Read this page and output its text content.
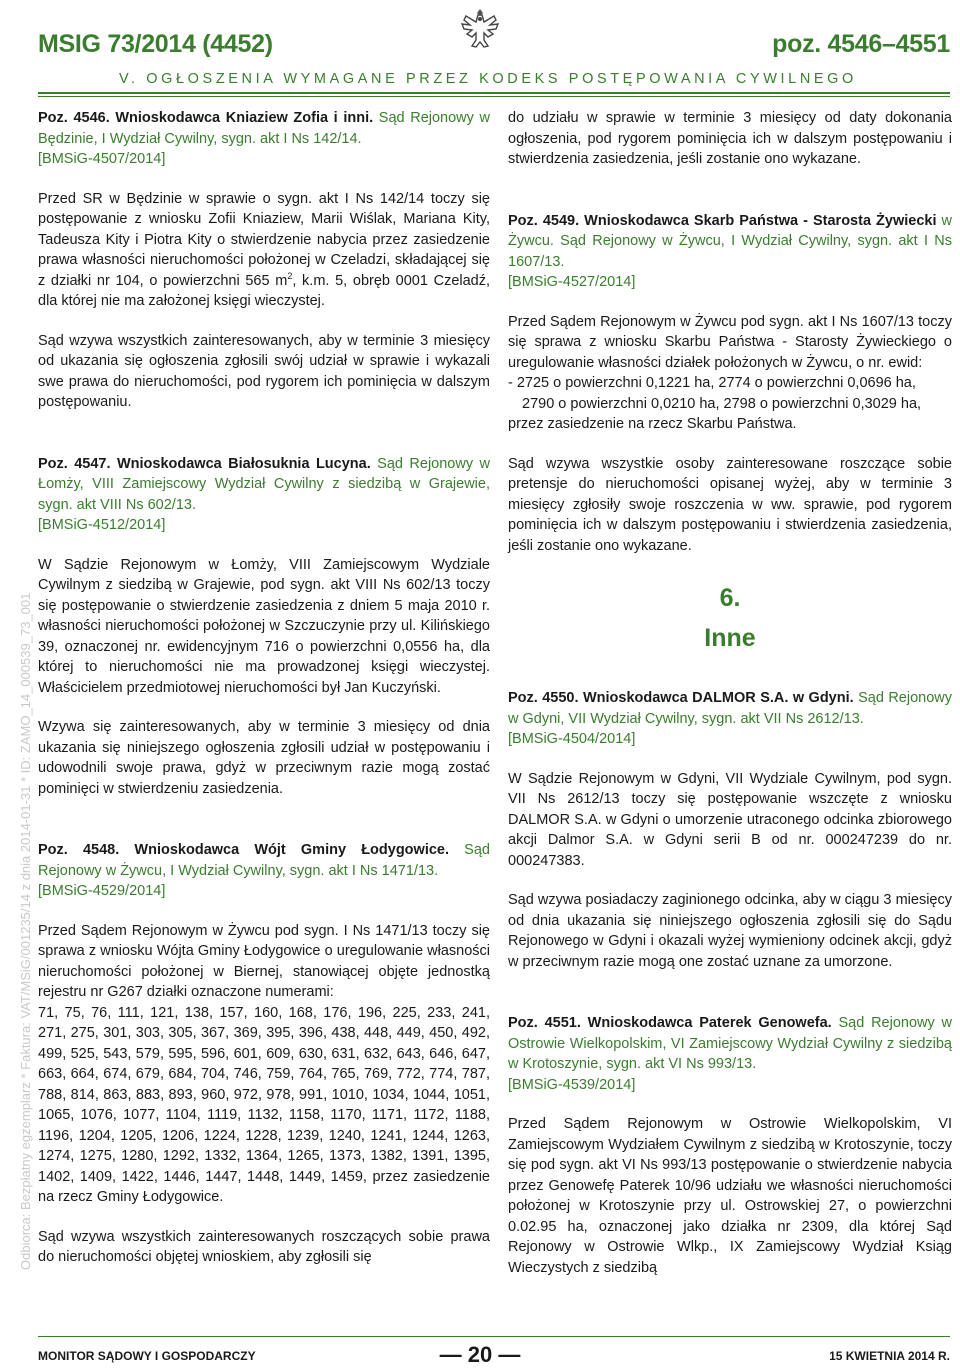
MSIG 73/2014 (4452)	poz. 4546–4551
V. OGŁOSZENIA WYMAGANE PRZEZ KODEKS POSTĘPOWANIA CYWILNEGO
Odbiorca: Bezpłatny egzemplarz * Faktura: VAT/MSiG/001235/14 z dnia 2014-01-31 * ID: ZAMO_14_000539_73_001

Poz. 4546. Wnioskodawca Kniaziew Zofia i inni. Sąd Rejonowy w Będzinie, I Wydział Cywilny, sygn. akt I Ns 142/14.

[BMSiG-4507/2014]

Przed SR w Będzinie w sprawie o sygn. akt I Ns 142/14 toczy się postępowanie z wniosku Zofii Kniaziew, Marii Wiślak, Mariana Kity, Tadeusza Kity i Piotra Kity o stwierdzenie nabycia przez zasiedzenie prawa własności nieruchomości położonej w Czeladzi, składającej się z działki nr 104, o powierzchni 565 $m^2$, k.m. 5, obręb 0001 Czeladź, dla której nie ma założonej księgi wieczystej.

Sąd wzywa wszystkich zainteresowanych, aby w terminie 3 miesięcy od ukazania się ogłoszenia zgłosili swój udział w sprawie i wykazali swe prawa do nieruchomości, pod rygorem ich pominięcia w dalszym postępowaniu.

Poz. 4547. Wnioskodawca Białosuknia Lucyna. Sąd Rejonowy w Łomży, VIII Zamiejscowy Wydział Cywilny z siedzibą w Grajewie, sygn. akt VIII Ns 602/13.

[BMSiG-4512/2014]

W Sądzie Rejonowym w Łomży, VIII Zamiejscowym Wydziale Cywilnym z siedzibą w Grajewie, pod sygn. akt VIII Ns 602/13 toczy się postępowanie o stwierdzenie zasiedzenia z dniem 5 maja 2010 r. własności nieruchomości położonej w Szczuczynie przy ul. Kilińskiego 39, oznaczonej nr. ewidencyjnym 716 o powierzchni 0,0556 ha, dla której to nieruchomości nie ma prowadzonej księgi wieczystej. Właścicielem przedmiotowej nieruchomości był Jan Kuczyński.

Wzywa się zainteresowanych, aby w terminie 3 miesięcy od dnia ukazania się niniejszego ogłoszenia zgłosili udział w postępowaniu i udowodnili swoje prawa, gdyż w przeciwnym razie mogą zostać pominięci w stwierdzeniu zasiedzenia.

Poz. 4548. Wnioskodawca Wójt Gminy Łodygowice. Sąd Rejonowy w Żywcu, I Wydział Cywilny, sygn. akt I Ns 1471/13.

[BMSiG-4529/2014]

Przed Sądem Rejonowym w Żywcu pod sygn. I Ns 1471/13 toczy się sprawa z wniosku Wójta Gminy Łodygowice o uregulowanie własności nieruchomości położonej w Biernej, stanowiącej objęte jednostką rejestru nr G267 działki oznaczone numerami:

71, 75, 76, 111, 121, 138, 157, 160, 168, 176, 196, 225, 233, 241, 271, 275, 301, 303, 305, 367, 369, 395, 396, 438, 448, 449, 450, 492, 499, 525, 543, 579, 595, 596, 601, 609, 630, 631, 632, 643, 646, 647, 663, 664, 674, 679, 684, 704, 746, 759, 764, 765, 769, 772, 774, 787, 788, 814, 863, 883, 893, 960, 972, 978, 991, 1010, 1034, 1044, 1051, 1065, 1076, 1077, 1104, 1119, 1132, 1158, 1170, 1171, 1172, 1188, 1196, 1204, 1205, 1206, 1224, 1228, 1239, 1240, 1241, 1244, 1263, 1274, 1275, 1280, 1292, 1332, 1364, 1265, 1373, 1382, 1391, 1395, 1402, 1409, 1422, 1446, 1447, 1448, 1449, 1459, przez zasiedzenie na rzecz Gminy Łodygowice.

Sąd wzywa wszystkich zainteresowanych roszczących sobie prawa do nieruchomości objętej wnioskiem, aby zgłosili się

do udziału w sprawie w terminie 3 miesięcy od daty dokonania ogłoszenia, pod rygorem pominięcia ich w dalszym postępowaniu i stwierdzenia zasiedzenia, jeśli zostanie ono wykazane.

Poz. 4549. Wnioskodawca Skarb Państwa - Starosta Żywiecki w Żywcu. Sąd Rejonowy w Żywcu, I Wydział Cywilny, sygn. akt I Ns 1607/13.

[BMSiG-4527/2014]

Przed Sądem Rejonowym w Żywcu pod sygn. akt I Ns 1607/13 toczy się sprawa z wniosku Skarbu Państwa - Starosty Żywieckiego o uregulowanie własności działek położonych w Żywcu, o nr. ewid:

- 2725 o powierzchni 0,1221 ha, 2774 o powierzchni 0,0696 ha,
2790 o powierzchni 0,0210 ha, 2798 o powierzchni 0,3029 ha,

przez zasiedzenie na rzecz Skarbu Państwa.

Sąd wzywa wszystkie osoby zainteresowane roszczące sobie pretensje do nieruchomości opisanej wyżej, aby w terminie 3 miesięcy zgłosiły swoje roszczenia w ww. sprawie, pod rygorem pominięcia ich w dalszym postępowaniu i stwierdzenia zasiedzenia, jeśli zostanie ono wykazane.

6.
Inne

Poz. 4550. Wnioskodawca DALMOR S.A. w Gdyni. Sąd Rejonowy w Gdyni, VII Wydział Cywilny, sygn. akt VII Ns 2612/13.

[BMSiG-4504/2014]

W Sądzie Rejonowym w Gdyni, VII Wydziale Cywilnym, pod sygn. VII Ns 2612/13 toczy się postępowanie wszczęte z wniosku DALMOR S.A. w Gdyni o umorzenie utraconego odcinka zbiorowego akcji Dalmor S.A. w Gdyni serii B od nr. 000247239 do nr. 000247383.

Sąd wzywa posiadaczy zaginionego odcinka, aby w ciągu 3 miesięcy od dnia ukazania się niniejszego ogłoszenia zgłosili się do Sądu Rejonowego w Gdyni i okazali wyżej wymieniony odcinek akcji, gdyż w przeciwnym razie mogą one zostać uznane za umorzone.

Poz. 4551. Wnioskodawca Paterek Genowefa. Sąd Rejonowy w Ostrowie Wielkopolskim, VI Zamiejscowy Wydział Cywilny z siedzibą w Krotoszynie, sygn. akt VI Ns 993/13.

[BMSiG-4539/2014]

Przed Sądem Rejonowym w Ostrowie Wielkopolskim, VI Zamiejscowym Wydziałem Cywilnym z siedzibą w Krotoszynie, toczy się pod sygn. akt VI Ns 993/13 postępowanie o stwierdzenie nabycia przez Genowefę Paterek 10/96 udziału we własności nieruchomości położonej w Krotoszynie przy ul. Ostrowskiej 27, o powierzchni 0.02.95 ha, oznaczonej jako działka nr 2309, dla której Sąd Rejonowy w Ostrowie Wlkp., IX Zamiejscowy Wydział Ksiąg Wieczystych z siedzibą

MONITOR SĄDOWY I GOSPODARCZY	— 20 —	15 KWIETNIA 2014 R.
